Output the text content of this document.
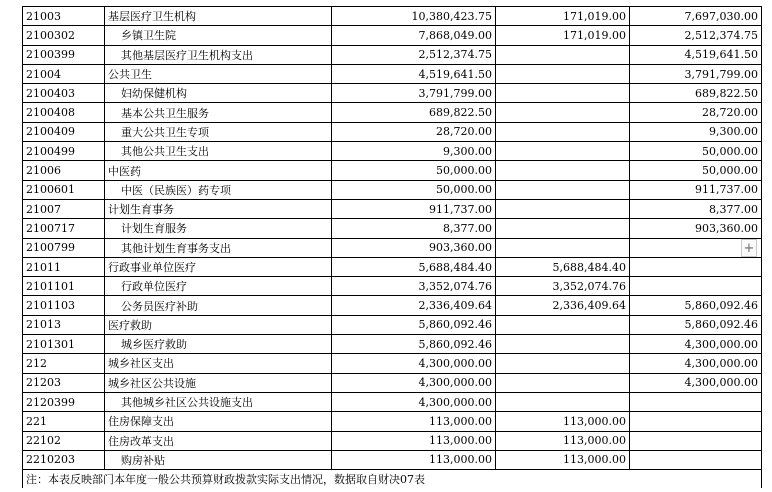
21003	基层医疗卫生机构	10,380,423.75	171,019.00	7,697,030.00
2100302	乡镇卫生院	7,868,049.00	171,019.00	2,512,374.75
2100399	其他基层医疗卫生机构支出	2,512,374.75		4,519,641.50
21004	公共卫生	4,519,641.50		3,791,799.00
2100403	妇幼保健机构	3,791,799.00		689,822.50
2100408	基本公共卫生服务	689,822.50		28,720.00
2100409	重大公共卫生专项	28,720.00		9,300.00
2100499	其他公共卫生支出	9,300.00		50,000.00
21006	中医药	50,000.00		50,000.00
2100601	中医（民族医）药专项	50,000.00		911,737.00
21007	计划生育事务	911,737.00		8,377.00
2100717	计划生育服务	8,377.00		903,360.00
2100799	其他计划生育事务支出	903,360.00		
21011	行政事业单位医疗	5,688,484.40	5,688,484.40	
2101101	行政单位医疗	3,352,074.76	3,352,074.76	
2101103	公务员医疗补助	2,336,409.64	2,336,409.64	5,860,092.46
21013	医疗救助	5,860,092.46		5,860,092.46
2101301	城乡医疗救助	5,860,092.46		4,300,000.00
212	城乡社区支出	4,300,000.00		4,300,000.00
21203	城乡社区公共设施	4,300,000.00		4,300,000.00
2120399	其他城乡社区公共设施支出	4,300,000.00		
221	住房保障支出	113,000.00	113,000.00	
22102	住房改革支出	113,000.00	113,000.00	
2210203	购房补贴	113,000.00	113,000.00	
注：本表反映部门本年度一般公共预算财政拨款实际支出情况，数据取自财决07表				
+
